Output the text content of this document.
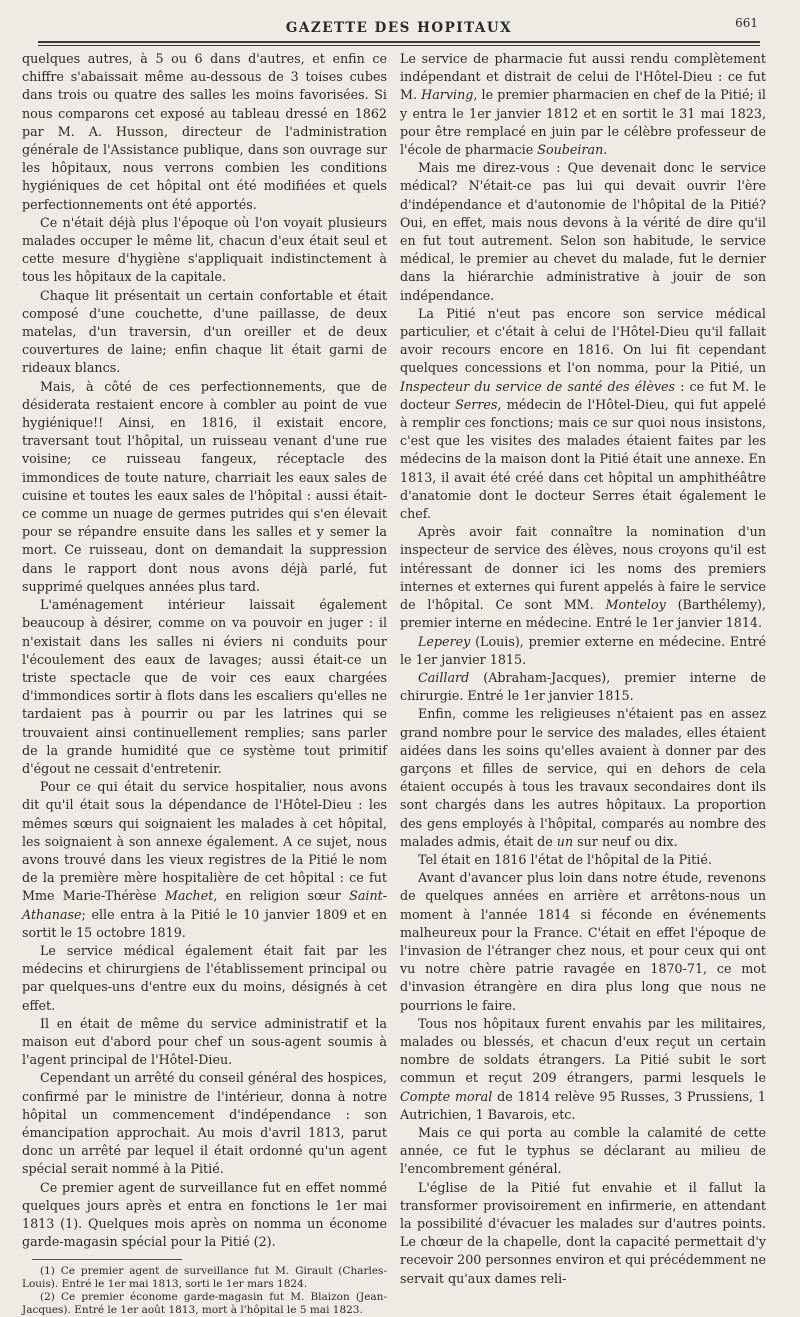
GAZETTE DES HOPITAUX	661

quelques autres, à 5 ou 6 dans d'autres, et enfin ce chiffre s'abaissait même au-dessous de 3 toises cubes dans trois ou quatre des salles les moins favorisées. Si nous comparons cet exposé au tableau dressé en 1862 par M. A. Husson, directeur de l'administration générale de l'Assistance publique, dans son ouvrage sur les hôpitaux, nous verrons combien les conditions hygiéniques de cet hôpital ont été modifiées et quels perfectionnements ont été apportés.

Ce n'était déjà plus l'époque où l'on voyait plusieurs malades occuper le même lit, chacun d'eux était seul et cette mesure d'hygiène s'appliquait indistinctement à tous les hôpitaux de la capitale.

Chaque lit présentait un certain confortable et était composé d'une couchette, d'une paillasse, de deux matelas, d'un traversin, d'un oreiller et de deux couvertures de laine; enfin chaque lit était garni de rideaux blancs.

Mais, à côté de ces perfectionnements, que de désiderata restaient encore à combler au point de vue hygiénique!! Ainsi, en 1816, il existait encore, traversant tout l'hôpital, un ruisseau venant d'une rue voisine; ce ruisseau fangeux, réceptacle des immondices de toute nature, charriait les eaux sales de cuisine et toutes les eaux sales de l'hôpital : aussi était-ce comme un nuage de germes putrides qui s'en élevait pour se répandre ensuite dans les salles et y semer la mort. Ce ruisseau, dont on demandait la suppression dans le rapport dont nous avons déjà parlé, fut supprimé quelques années plus tard.

L'aménagement intérieur laissait également beaucoup à désirer, comme on va pouvoir en juger : il n'existait dans les salles ni éviers ni conduits pour l'écoulement des eaux de lavages; aussi était-ce un triste spectacle que de voir ces eaux chargées d'immondices sortir à flots dans les escaliers qu'elles ne tardaient pas à pourrir ou par les latrines qui se trouvaient ainsi continuellement remplies; sans parler de la grande humidité que ce système tout primitif d'égout ne cessait d'entretenir.

Pour ce qui était du service hospitalier, nous avons dit qu'il était sous la dépendance de l'Hôtel-Dieu : les mêmes sœurs qui soignaient les malades à cet hôpital, les soignaient à son annexe également. A ce sujet, nous avons trouvé dans les vieux registres de la Pitié le nom de la première mère hospitalière de cet hôpital : ce fut Mme Marie-Thérèse Machet, en religion sœur Saint-Athanase; elle entra à la Pitié le 10 janvier 1809 et en sortit le 15 octobre 1819.

Le service médical également était fait par les médecins et chirurgiens de l'établissement principal ou par quelques-uns d'entre eux du moins, désignés à cet effet.

Il en était de même du service administratif et la maison eut d'abord pour chef un sous-agent soumis à l'agent principal de l'Hôtel-Dieu.

Cependant un arrêté du conseil général des hospices, confirmé par le ministre de l'intérieur, donna à notre hôpital un commencement d'indépendance : son émancipation approchait. Au mois d'avril 1813, parut donc un arrêté par lequel il était ordonné qu'un agent spécial serait nommé à la Pitié.

Ce premier agent de surveillance fut en effet nommé quelques jours après et entra en fonctions le 1er mai 1813 (1). Quelques mois après on nomma un économe garde-magasin spécial pour la Pitié (2).

(1) Ce premier agent de surveillance fut M. Girault (Charles-Louis). Entré le 1er mai 1813, sorti le 1er mars 1824.

(2) Ce premier économe garde-magasin fut M. Blaizon (Jean-Jacques). Entré le 1er août 1813, mort à l'hôpital le 5 mai 1823.

Le service de pharmacie fut aussi rendu complètement indépendant et distrait de celui de l'Hôtel-Dieu : ce fut M. Harving, le premier pharmacien en chef de la Pitié; il y entra le 1er janvier 1812 et en sortit le 31 mai 1823, pour être remplacé en juin par le célèbre professeur de l'école de pharmacie Soubeiran.

Mais me direz-vous : Que devenait donc le service médical? N'était-ce pas lui qui devait ouvrir l'ère d'indépendance et d'autonomie de l'hôpital de la Pitié? Oui, en effet, mais nous devons à la vérité de dire qu'il en fut tout autrement. Selon son habitude, le service médical, le premier au chevet du malade, fut le dernier dans la hiérarchie administrative à jouir de son indépendance.

La Pitié n'eut pas encore son service médical particulier, et c'était à celui de l'Hôtel-Dieu qu'il fallait avoir recours encore en 1816. On lui fit cependant quelques concessions et l'on nomma, pour la Pitié, un Inspecteur du service de santé des élèves : ce fut M. le docteur Serres, médecin de l'Hôtel-Dieu, qui fut appelé à remplir ces fonctions; mais ce sur quoi nous insistons, c'est que les visites des malades étaient faites par les médecins de la maison dont la Pitié était une annexe. En 1813, il avait été créé dans cet hôpital un amphithéâtre d'anatomie dont le docteur Serres était également le chef.

Après avoir fait connaître la nomination d'un inspecteur de service des élèves, nous croyons qu'il est intéressant de donner ici les noms des premiers internes et externes qui furent appelés à faire le service de l'hôpital. Ce sont MM. Monteloy (Barthélemy), premier interne en médecine. Entré le 1er janvier 1814.

Leperey (Louis), premier externe en médecine. Entré le 1er janvier 1815.

Caillard (Abraham-Jacques), premier interne de chirurgie. Entré le 1er janvier 1815.

Enfin, comme les religieuses n'étaient pas en assez grand nombre pour le service des malades, elles étaient aidées dans les soins qu'elles avaient à donner par des garçons et filles de service, qui en dehors de cela étaient occupés à tous les travaux secondaires dont ils sont chargés dans les autres hôpitaux. La proportion des gens employés à l'hôpital, comparés au nombre des malades admis, était de un sur neuf ou dix.

Tel était en 1816 l'état de l'hôpital de la Pitié.

Avant d'avancer plus loin dans notre étude, revenons de quelques années en arrière et arrêtons-nous un moment à l'année 1814 si féconde en événements malheureux pour la France. C'était en effet l'époque de l'invasion de l'étranger chez nous, et pour ceux qui ont vu notre chère patrie ravagée en 1870-71, ce mot d'invasion étrangère en dira plus long que nous ne pourrions le faire.

Tous nos hôpitaux furent envahis par les militaires, malades ou blessés, et chacun d'eux reçut un certain nombre de soldats étrangers. La Pitié subit le sort commun et reçut 209 étrangers, parmi lesquels le Compte moral de 1814 relève 95 Russes, 3 Prussiens, 1 Autrichien, 1 Bavarois, etc.

Mais ce qui porta au comble la calamité de cette année, ce fut le typhus se déclarant au milieu de l'encombrement général.

L'église de la Pitié fut envahie et il fallut la transformer provisoirement en infirmerie, en attendant la possibilité d'évacuer les malades sur d'autres points. Le chœur de la chapelle, dont la capacité permettait d'y recevoir 200 personnes environ et qui précédemment ne servait qu'aux dames reli-
